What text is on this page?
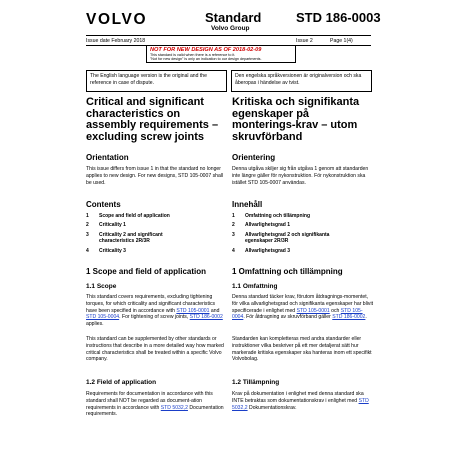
VOLVO	Standard
Volvo Group
STD 186-0003
Issue date February 2018	Issue 2	Page 1(4)
NOT FOR NEW DESIGN AS OF 2018-02-09
This standard is valid when there is a reference to it.
"Not for new design" is only an indication to our design departments.
The English language version is the original and the reference in case of dispute.
Den engelska språkversionen är originalversion och ska åberopas i händelse av tvist.
Critical and significant characteristics on assembly requirements – excluding screw joints
Kritiska och signifikanta egenskaper på monterings-krav – utom skruvförband
Orientation	Orientering
This issue differs from issue 1 in that the standard no longer applies to new design. For new designs, STD 105-0007 shall be used.
Denna utgåva skiljer sig från utgåva 1 genom att standarden inte längre gäller för nykonstruktion. För nykonstruktion ska istället STD 105-0007 användas.
Contents	Innehåll
1	Scope and field of application
2	Criticality 1
3	Criticality 2 and significant characteristics 2R/3R
4	Criticality 3
1	Omfattning och tillämpning
2	Allvarlighetsgrad 1
3	Allvarlighetsgrad 2 och signifikanta egenskaper 2R/3R
4	Allvarlighetsgrad 3
1 Scope and field of application	1 Omfattning och tillämpning
1.1 Scope	1.1 Omfattning
This standard covers requirements, excluding tightening torques, for which criticality and significant characteristics have been specified in accordance with STD 105-0001 and STD 105-0004. For tightening of screw joints, STD 186-0002 applies.
This standard can be supplemented by other standards or instructions that describe in a more detailed way how marked critical characteristics shall be treated within a specific Volvo company.
Denna standard täcker krav, förutom åtdragnings-momentet, för vilka allvarlighetsgrad och signifikanta egenskaper har blivit specificerade i enlighet med STD 105-0001 och STD 105-0004. För åtdragning av skruvförband gäller STD 186-0002.
Standarden kan kompletteras med andra standarder eller instruktioner vilka beskriver på ett mer detaljerat sätt hur markerade kritiska egenskaper ska hanteras inom ett specifikt Volvobolag.
1.2 Field of application	1.2 Tillämpning
Requirements for documentation in accordance with this standard shall NOT be regarded as document-ation requirements in accordance with STD 5032,2 Documentation requirements.
Krav på dokumentation i enlighet med denna standard ska INTE betraktas som dokumentationskrav i enlighet med STD 5032,2 Dokumentationskrav.
